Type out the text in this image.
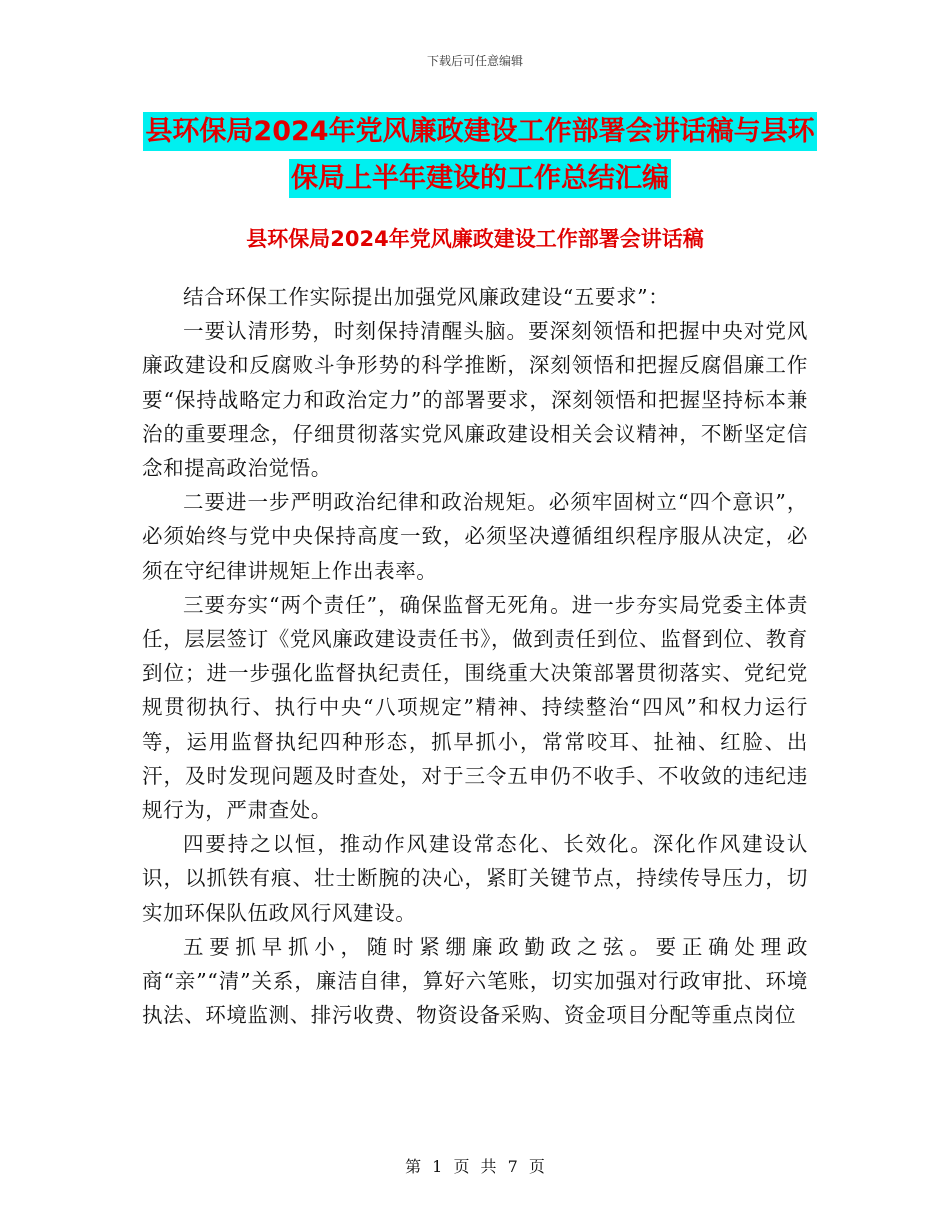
下载后可任意编辑
县环保局2024年党风廉政建设工作部署会讲话稿与县环保局上半年建设的工作总结汇编
县环保局2024年党风廉政建设工作部署会讲话稿

结合环保工作实际提出加强党风廉政建设“五要求”：

一要认清形势，时刻保持清醒头脑。要深刻领悟和把握中央对党风廉政建设和反腐败斗争形势的科学推断，深刻领悟和把握反腐倡廉工作要“保持战略定力和政治定力”的部署要求，深刻领悟和把握坚持标本兼治的重要理念，仔细贯彻落实党风廉政建设相关会议精神，不断坚定信念和提高政治觉悟。

二要进一步严明政治纪律和政治规矩。必须牢固树立“四个意识”，必须始终与党中央保持高度一致，必须坚决遵循组织程序服从决定，必须在守纪律讲规矩上作出表率。

三要夯实“两个责任”，确保监督无死角。进一步夯实局党委主体责任，层层签订《党风廉政建设责任书》，做到责任到位、监督到位、教育到位；进一步强化监督执纪责任，围绕重大决策部署贯彻落实、党纪党规贯彻执行、执行中央“八项规定”精神、持续整治“四风”和权力运行等，运用监督执纪四种形态，抓早抓小，常常咬耳、扯袖、红脸、出汗，及时发现问题及时查处，对于三令五申仍不收手、不收敛的违纪违规行为，严肃查处。

四要持之以恒，推动作风建设常态化、长效化。深化作风建设认识，以抓铁有痕、壮士断腕的决心，紧盯关键节点，持续传导压力，切实加环保队伍政风行风建设。

五要抓早抓小，随时紧绷廉政勤政之弦。要正确处理政商“亲”“清”关系，廉洁自律，算好六笔账，切实加强对行政审批、环境执法、环境监测、排污收费、物资设备采购、资金项目分配等重点岗位

第 1 页 共 7 页
